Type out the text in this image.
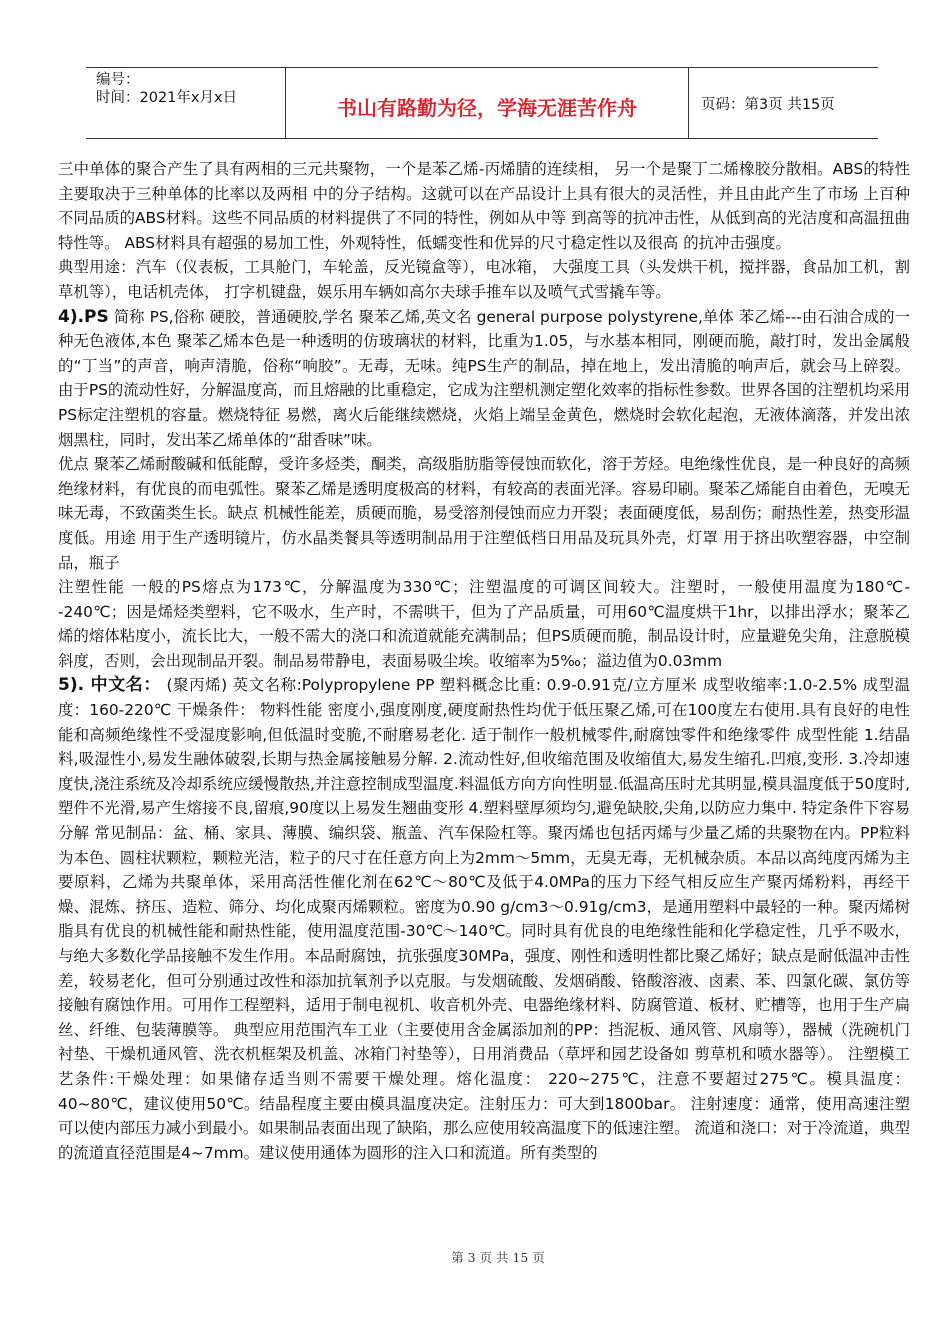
编号：
时间：2021年x月x日	书山有路勤为径，学海无涯苦作舟	页码：第3页 共15页

三中单体的聚合产生了具有两相的三元共聚物，一个是苯乙烯-丙烯腈的连续相， 另一个是聚丁二烯橡胶分散相。ABS的特性主要取决于三种单体的比率以及两相 中的分子结构。这就可以在产品设计上具有很大的灵活性，并且由此产生了市场 上百种不同品质的ABS材料。这些不同品质的材料提供了不同的特性，例如从中等 到高等的抗冲击性，从低到高的光洁度和高温扭曲特性等。 ABS材料具有超强的易加工性，外观特性，低蠕变性和优异的尺寸稳定性以及很高 的抗冲击强度。

典型用途：汽车（仪表板，工具舱门，车轮盖，反光镜盒等），电冰箱， 大强度工具（头发烘干机，搅拌器，食品加工机，割草机等），电话机壳体， 打字机键盘，娱乐用车辆如高尔夫球手推车以及喷气式雪撬车等。

4).PS 简称 PS,俗称 硬胶，普通硬胶,学名 聚苯乙烯,英文名 general purpose polystyrene,单体 苯乙烯---由石油合成的一种无色液体,本色 聚苯乙烯本色是一种透明的仿玻璃状的材料，比重为1.05，与水基本相同，刚硬而脆，敲打时，发出金属般的“丁当”的声音，响声清脆，俗称“响胶”。无毒，无味。纯PS生产的制品，掉在地上，发出清脆的响声后，就会马上碎裂。 由于PS的流动性好，分解温度高，而且熔融的比重稳定，它成为注塑机测定塑化效率的指标性参数。世界各国的注塑机均采用PS标定注塑机的容量。燃烧特征 易燃，离火后能继续燃烧，火焰上端呈金黄色，燃烧时会软化起泡，无液体滴落，并发出浓烟黑柱，同时，发出苯乙烯单体的“甜香味”味。

优点 聚苯乙烯耐酸碱和低能醇，受许多烃类，酮类，高级脂肪脂等侵蚀而软化，溶于芳烃。电绝缘性优良，是一种良好的高频绝缘材料，有优良的而电弧性。聚苯乙烯是透明度极高的材料，有较高的表面光泽。容易印刷。聚苯乙烯能自由着色，无嗅无味无毒，不致菌类生长。缺点 机械性能差，质硬而脆，易受溶剂侵蚀而应力开裂；表面硬度低，易刮伤；耐热性差，热变形温度低。用途 用于生产透明镜片，仿水晶类餐具等透明制品用于注塑低档日用品及玩具外壳，灯罩 用于挤出吹塑容器，中空制品，瓶子

注塑性能 一般的PS熔点为173℃，分解温度为330℃；注塑温度的可调区间较大。注塑时，一般使用温度为180℃--240℃；因是烯烃类塑料，它不吸水，生产时，不需哄干，但为了产品质量，可用60℃温度烘干1hr，以排出浮水；聚苯乙烯的熔体粘度小，流长比大，一般不需大的浇口和流道就能充满制品；但PS质硬而脆，制品设计时，应量避免尖角，注意脱模斜度，否则，会出现制品开裂。制品易带静电，表面易吸尘埃。收缩率为5‰；溢边值为0.03mm

5). 中文名： (聚丙烯) 英文名称:Polypropylene PP 塑料概念比重: 0.9-0.91克/立方厘米 成型收缩率:1.0-2.5% 成型温度：160-220℃ 干燥条件： 物料性能 密度小,强度刚度,硬度耐热性均优于低压聚乙烯,可在100度左右使用.具有良好的电性能和高频绝缘性不受湿度影响,但低温时变脆,不耐磨易老化. 适于制作一般机械零件,耐腐蚀零件和绝缘零件 成型性能 1.结晶料,吸湿性小,易发生融体破裂,长期与热金属接触易分解. 2.流动性好,但收缩范围及收缩值大,易发生缩孔.凹痕,变形. 3.冷却速度快,浇注系统及冷却系统应缓慢散热,并注意控制成型温度.料温低方向方向性明显.低温高压时尤其明显,模具温度低于50度时,塑件不光滑,易产生熔接不良,留痕,90度以上易发生翘曲变形 4.塑料壁厚须均匀,避免缺胶,尖角,以防应力集中. 特定条件下容易分解 常见制品：盆、桶、家具、薄膜、编织袋、瓶盖、汽车保险杠等。聚丙烯也包括丙烯与少量乙烯的共聚物在内。PP粒料为本色、圆柱状颗粒，颗粒光洁，粒子的尺寸在任意方向上为2mm～5mm，无臭无毒，无机械杂质。本品以高纯度丙烯为主要原料，乙烯为共聚单体，采用高活性催化剂在62℃～80℃及低于4.0MPa的压力下经气相反应生产聚丙烯粉料，再经干燥、混炼、挤压、造粒、筛分、均化成聚丙烯颗粒。密度为0.90 g/cm3～0.91g/cm3，是通用塑料中最轻的一种。聚丙烯树脂具有优良的机械性能和耐热性能，使用温度范围-30℃～140℃。同时具有优良的电绝缘性能和化学稳定性，几乎不吸水，与绝大多数化学品接触不发生作用。本品耐腐蚀，抗张强度30MPa，强度、刚性和透明性都比聚乙烯好；缺点是耐低温冲击性差，较易老化，但可分别通过改性和添加抗氧剂予以克服。与发烟硫酸、发烟硝酸、铬酸溶液、卤素、苯、四氯化碳、氯仿等接触有腐蚀作用。可用作工程塑料，适用于制电视机、收音机外壳、电器绝缘材料、防腐管道、板材、贮槽等，也用于生产扁丝、纤维、包装薄膜等。 典型应用范围汽车工业（主要使用含金属添加剂的PP：挡泥板、通风管、风扇等），器械（洗碗机门衬垫、干燥机通风管、洗衣机框架及机盖、冰箱门衬垫等），日用消费品（草坪和园艺设备如 剪草机和喷水器等）。 注塑模工艺条件:干燥处理：如果储存适当则不需要干燥处理。熔化温度： 220~275℃，注意不要超过275℃。模具温度： 40~80℃，建议使用50℃。结晶程度主要由模具温度决定。注射压力：可大到1800bar。 注射速度：通常，使用高速注塑可以使内部压力减小到最小。如果制品表面出现了缺陷，那么应使用较高温度下的低速注塑。 流道和浇口：对于冷流道，典型的流道直径范围是4~7mm。建议使用通体为圆形的注入口和流道。所有类型的

第 3 页 共 15 页
